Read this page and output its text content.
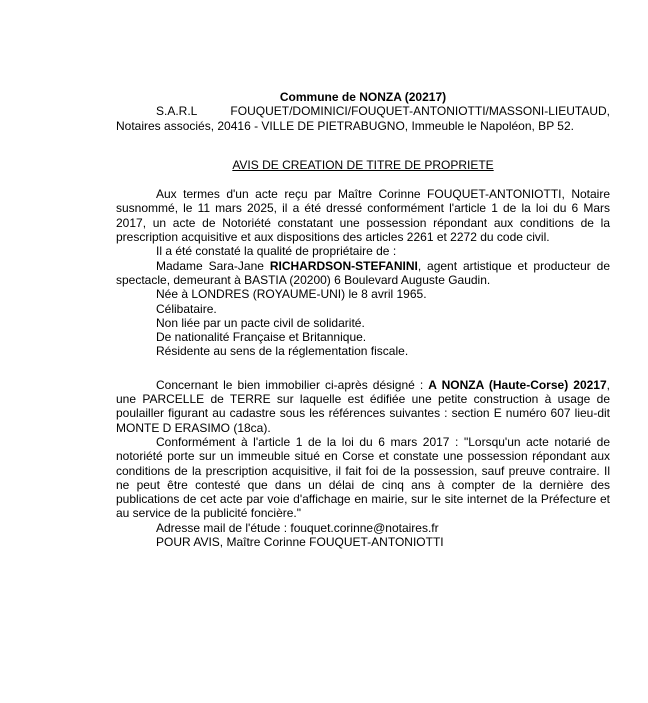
Commune de NONZA (20217)

S.A.R.L FOUQUET/DOMINICI/FOUQUET-ANTONIOTTI/MASSONI-LIEUTAUD, Notaires associés, 20416 - VILLE DE PIETRABUGNO, Immeuble le Napoléon, BP 52.

AVIS DE CREATION DE TITRE DE PROPRIETE

Aux termes d'un acte reçu par Maître Corinne FOUQUET-ANTONIOTTI, Notaire susnommé, le 11 mars 2025, il a été dressé conformément l'article 1 de la loi du 6 Mars 2017, un acte de Notoriété constatant une possession répondant aux conditions de la prescription acquisitive et aux dispositions des articles 2261 et 2272 du code civil.

Il a été constaté la qualité de propriétaire de :

Madame Sara-Jane RICHARDSON-STEFANINI, agent artistique et producteur de spectacle, demeurant à BASTIA (20200) 6 Boulevard Auguste Gaudin.

Née à LONDRES (ROYAUME-UNI) le 8 avril 1965.

Célibataire.

Non liée par un pacte civil de solidarité.

De nationalité Française et Britannique.

Résidente au sens de la réglementation fiscale.

Concernant le bien immobilier ci-après désigné : A NONZA (Haute-Corse) 20217, une PARCELLE de TERRE sur laquelle est édifiée une petite construction à usage de poulailler figurant au cadastre sous les références suivantes : section E numéro 607 lieu-dit MONTE D ERASIMO (18ca).

Conformément à l'article 1 de la loi du 6 mars 2017 : "Lorsqu'un acte notarié de notoriété porte sur un immeuble situé en Corse et constate une possession répondant aux conditions de la prescription acquisitive, il fait foi de la possession, sauf preuve contraire. Il ne peut être contesté que dans un délai de cinq ans à compter de la dernière des publications de cet acte par voie d'affichage en mairie, sur le site internet de la Préfecture et au service de la publicité foncière."

Adresse mail de l'étude : fouquet.corinne@notaires.fr

POUR AVIS, Maître Corinne FOUQUET-ANTONIOTTI
